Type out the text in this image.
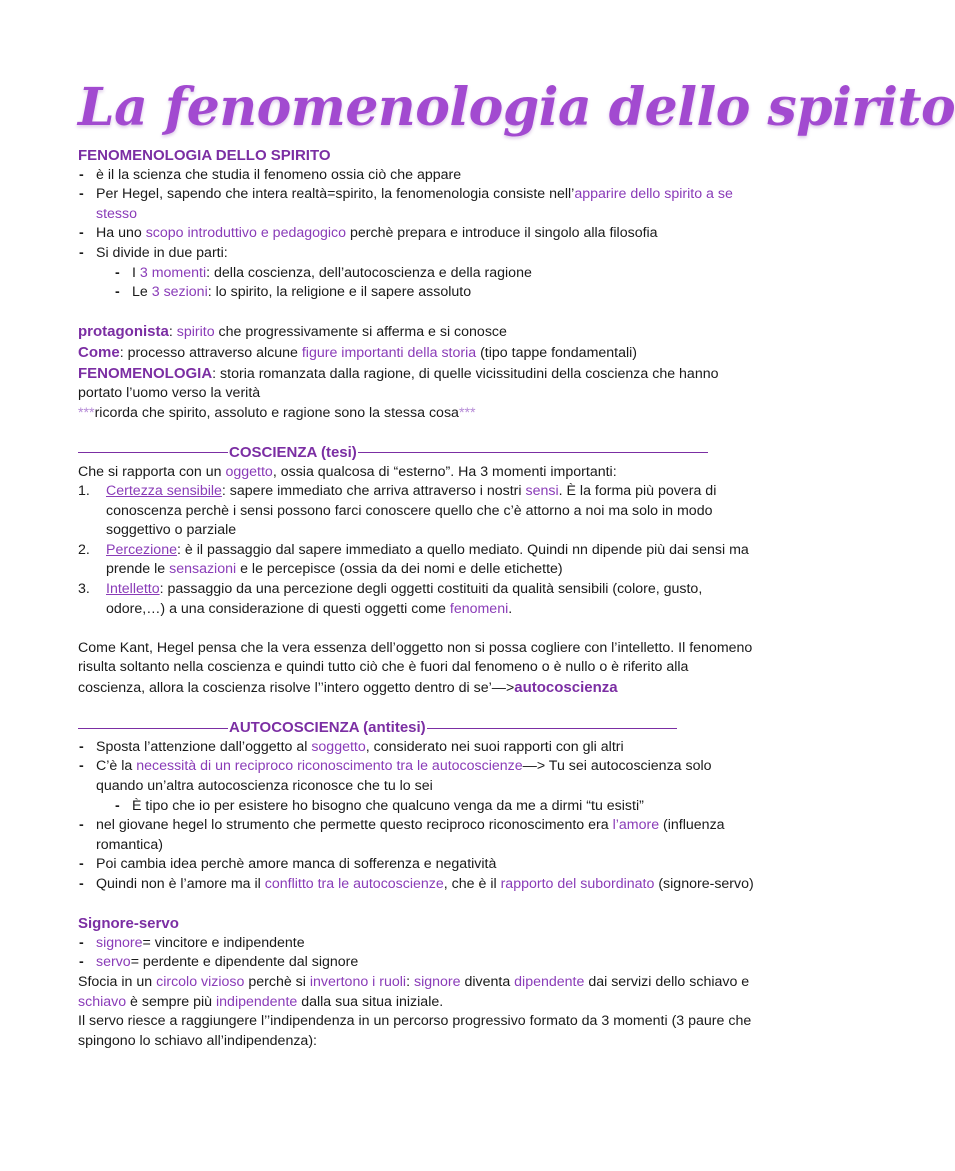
La fenomenologia dello spirito

FENOMENOLOGIA DELLO SPIRITO

- è il la scienza che studia il fenomeno ossia ciò che appare
- Per Hegel, sapendo che intera realtà=spirito, la fenomenologia consiste nell’apparire dello spirito a se stesso
- Ha uno scopo introduttivo e pedagogico perchè prepara e introduce il singolo alla filosofia
- Si divide in due parti:
- I 3 momenti: della coscienza, dell’autocoscienza e della ragione
- Le 3 sezioni: lo spirito, la religione e il sapere assoluto

protagonista: spirito che progressivamente si afferma e si conosce

Come: processo attraverso alcune figure importanti della storia (tipo tappe fondamentali)

FENOMENOLOGIA: storia romanzata dalla ragione, di quelle vicissitudini della coscienza che hanno portato l’uomo verso la verità

***ricorda che spirito, assoluto e ragione sono la stessa cosa***

COSCIENZA (tesi)

Che si rapporta con un oggetto, ossia qualcosa di “esterno”. Ha 3 momenti importanti:

1. Certezza sensibile: sapere immediato che arriva attraverso i nostri sensi. È la forma più povera di conoscenza perchè i sensi possono farci conoscere quello che c’è attorno a noi ma solo in modo soggettivo o parziale
2. Percezione: è il passaggio dal sapere immediato a quello mediato. Quindi nn dipende più dai sensi ma prende le sensazioni e le percepisce (ossia da dei nomi e delle etichette)
3. Intelletto: passaggio da una percezione degli oggetti costituiti da qualità sensibili (colore, gusto, odore,…) a una considerazione di questi oggetti come fenomeni.

Come Kant, Hegel pensa che la vera essenza dell’oggetto non si possa cogliere con l’intelletto. Il fenomeno risulta soltanto nella coscienza e quindi tutto ciò che è fuori dal fenomeno o è nullo o è riferito alla coscienza, allora la coscienza risolve l’’intero oggetto dentro di se’—>autocoscienza

AUTOCOSCIENZA (antitesi)
- Sposta l’attenzione dall’oggetto al soggetto, considerato nei suoi rapporti con gli altri
- C’è la necessità di un reciproco riconoscimento tra le autocoscienze—> Tu sei autocoscienza solo quando un’altra autocoscienza riconosce che tu lo sei
- È tipo che io per esistere ho bisogno che qualcuno venga da me a dirmi “tu esisti”
- nel giovane hegel lo strumento che permette questo reciproco riconoscimento era l’amore (influenza romantica)
- Poi cambia idea perchè amore manca di sofferenza e negatività
- Quindi non è l’amore ma il conflitto tra le autocoscienze, che è il rapporto del subordinato (signore-servo)

Signore-servo

- signore= vincitore e indipendente
- servo= perdente e dipendente dal signore

Sfocia in un circolo vizioso perchè si invertono i ruoli: signore diventa dipendente dai servizi dello schiavo e schiavo è sempre più indipendente dalla sua situa iniziale.

Il servo riesce a raggiungere l’’indipendenza in un percorso progressivo formato da 3 momenti (3 paure che spingono lo schiavo all’indipendenza):
